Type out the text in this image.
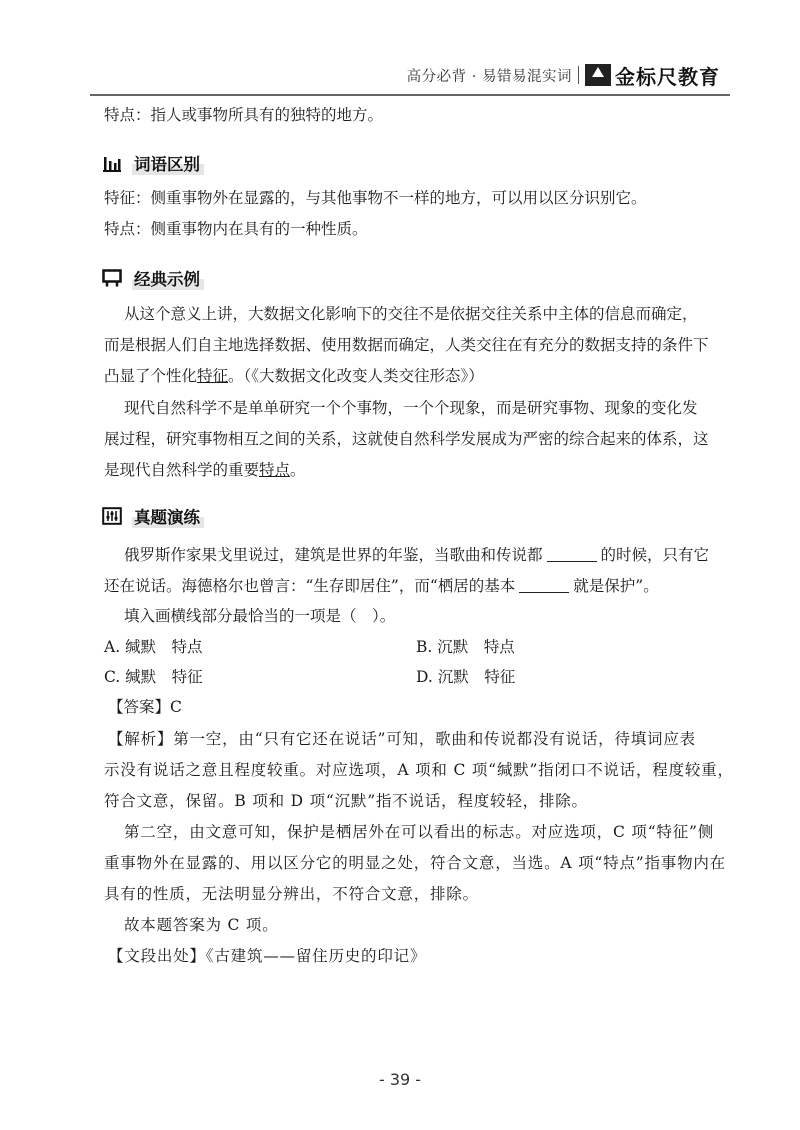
高分必背 · 易错易混实词 金标尺教育
特点：指人或事物所具有的独特的地方。
词语区别
特征：侧重事物外在显露的，与其他事物不一样的地方，可以用以区分识别它。
特点：侧重事物内在具有的一种性质。
经典示例
从这个意义上讲，大数据文化影响下的交往不是依据交往关系中主体的信息而确定，
而是根据人们自主地选择数据、使用数据而确定，人类交往在有充分的数据支持的条件下
凸显了个性化特征。（《大数据文化改变人类交往形态》）
现代自然科学不是单单研究一个个事物，一个个现象，而是研究事物、现象的变化发
展过程，研究事物相互之间的关系，这就使自然科学发展成为严密的综合起来的体系，这
是现代自然科学的重要特点。
真题演练
俄罗斯作家果戈里说过，建筑是世界的年鉴，当歌曲和传说都	的时候，只有它
还在说话。海德格尔也曾言：“生存即居住”，而“栖居的基本	就是保护”。
填入画横线部分最恰当的一项是（　）。
A. 缄默　特点	B. 沉默　特点
C. 缄默　特征	D. 沉默　特征
【答案】C
【解析】第一空，由“只有它还在说话”可知，歌曲和传说都没有说话，待填词应表
示没有说话之意且程度较重。对应选项，A 项和 C 项“缄默”指闭口不说话，程度较重，
符合文意，保留。B 项和 D 项“沉默”指不说话，程度较轻，排除。
第二空，由文意可知，保护是栖居外在可以看出的标志。对应选项，C 项“特征”侧
重事物外在显露的、用以区分它的明显之处，符合文意，当选。A 项“特点”指事物内在
具有的性质，无法明显分辨出，不符合文意，排除。
故本题答案为 C 项。
【文段出处】《古建筑——留住历史的印记》
- 39 -
